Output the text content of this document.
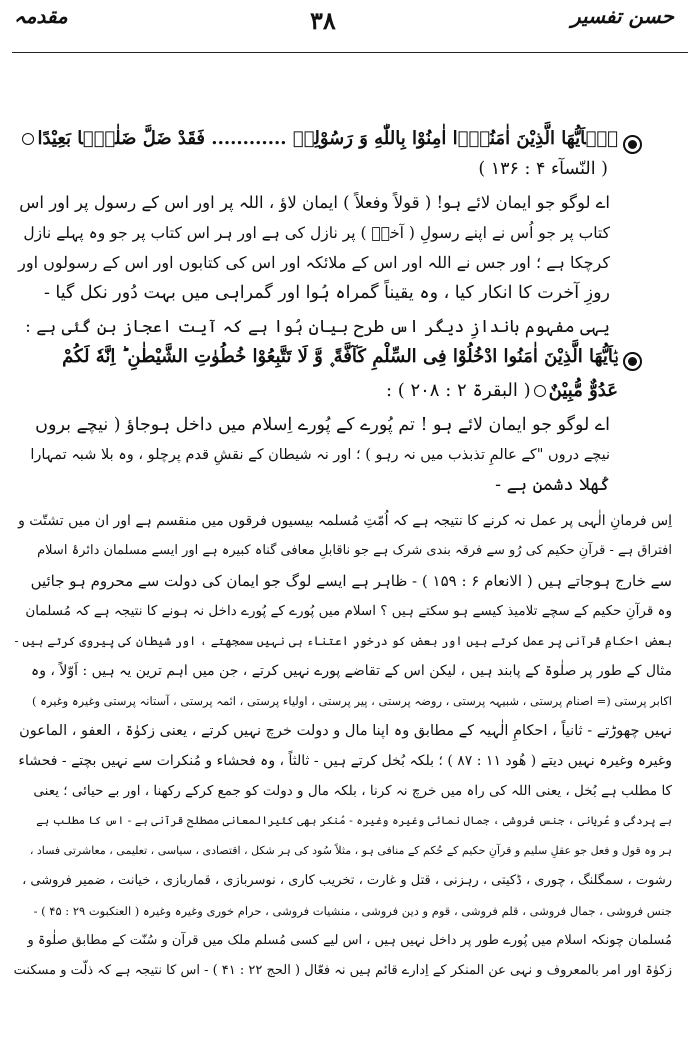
حسن تفسیر
۳۸
مقدمہ
یٰۤاَیُّهَا الَّذِیْنَ اٰمَنُوْۤا اٰمِنُوْا بِاللّٰهِ وَ رَسُوْلِهٖ ............ فَقَدْ ضَلَّ ضَلٰلًۢا بَعِیْدًا
( النّسآء ۴ : ۱۳۶ )
اے لوگو جو ایمان لائے ہو! ( قولاً وفعلاً ) ایمان لاؤ ، اللہ پر اور اس کے رسول پر اور اس
کتاب پر جو اُس نے اپنے رسولِ ( آخرؐ ) پر نازل کی ہے اور ہر اس کتاب پر جو وہ پہلے نازل
کرچکا ہے ؛ اور جس نے اللہ اور اس کے ملائکہ اور اس کی کتابوں اور اس کے رسولوں اور
روزِ آخرت کا انکار کیا ، وہ یقیناً گمراہ ہُوا اور گمراہی میں بہت دُور نکل گیا -
یہی مفہوم باندازِ دیگر اس طرح بیان ہُوا ہے کہ آیت اعجاز بن گئی ہے :
یٰۤاَیُّهَا الَّذِیْنَ اٰمَنُوا ادْخُلُوْا فِی السِّلْمِ كَآفَّةً ۪ وَّ لَا تَتَّبِعُوْا خُطُوٰتِ الشَّیْطٰنِ ؕ اِنَّهٗ لَكُمْ
عَدُوٌّ مُّبِیْنٌ( البقرۃ ۲ : ۲۰۸ ) :
اے لوگو جو ایمان لائے ہو ! تم پُورے کے پُورے اِسلام میں داخل ہوجاؤ ( نیچے بروں
نیچے دروں "کے عالمِ تذبذب میں نہ رہو ) ؛ اور نہ شیطان کے نقشِ قدم پرچلو ، وہ بلا شبہ تمہارا
کُھلا دشمن ہے -
اِس فرمانِ الٰہی پر عمل نہ کرنے کا نتیجہ ہے کہ اُمّتِ مُسلمہ بیسیوں فرقوں میں منقسم ہے اور ان میں تشتّت و
افتراق ہے - قرآنِ حکیم کی رُو سے فرقہ بندی شرک ہے جو ناقابلِ معافی گناہ کبیرہ ہے اور ایسے مسلمان دائرۂ اسلام
سے خارج ہوجاتے ہیں ( الانعام ۶ : ۱۵۹ ) - ظاہر ہے ایسے لوگ جو ایمان کی دولت سے محروم ہو جائیں
وہ قرآنِ حکیم کے سچے تلامیذ کیسے ہو سکتے ہیں ؟ اسلام میں پُورے کے پُورے داخل نہ ہونے کا نتیجہ ہے کہ مُسلمان
بعض احکامِ قرآنی پر عمل کرتے ہیں اور بعض کو درخورِ اعتناء ہی نہیں سمجھتے ، اور شیطان کی پیروی کرتے ہیں -
مثال کے طور پر صلٰوۃ کے پابند ہیں ، لیکن اس کے تقاضے پورے نہیں کرتے ، جن میں اہم ترین یہ ہیں : اَوّلاً ، وہ
اکابر پرستی (= اصنام پرستی ، شبیہہ پرستی ، روضہ پرستی ، پیر پرستی ، اولیاء پرستی ، ائمہ پرستی ، آستانہ پرستی وغیرہ وغیرہ )
نہیں چھوڑتے - ثانیاً ، احکامِ الٰہیہ کے مطابق وہ اپنا مال و دولت خرچ نہیں کرتے ، یعنی زکوٰۃ ، العفو ، الماعون
وغیرہ وغیرہ نہیں دیتے ( ھُود ۱۱ : ۸۷ ) ؛ بلکہ بُخل کرتے ہیں - ثالثاً ، وہ فحشاء و مُنکرات سے نہیں بچتے - فحشاء
کا مطلب ہے بُخل ، یعنی اللہ کی راہ میں خرچ نہ کرنا ، بلکہ مال و دولت کو جمع کرکے رکھنا ، اور بے حیائی ؛ یعنی
بے پردگی و عُریانی ، جنس فروشی ، جمال نمائی وغیرہ وغیرہ - مُنکر بھی کثیرالمعانی مصطلح قرآنی ہے - اس کا مطلب ہے
ہر وہ قول و فعل جو عقلِ سلیم و قرآنِ حکیم کے حُکم کے منافی ہو ، مثلاً سُود کی ہر شکل ، اقتصادی ، سیاسی ، تعلیمی ، معاشرتی فساد ،
رشوت ، سمگلنگ ، چوری ، ڈکیتی ، رہزنی ، قتل و غارت ، تخریب کاری ، نوسربازی ، قماربازی ، خیانت ، ضمیر فروشی ،
جنس فروشی ، جمال فروشی ، قلم فروشی ، قوم و دین فروشی ، منشیات فروشی ، حرام خوری وغیرہ وغیرہ ( العنکبوت ۲۹ : ۴۵ ) -
مُسلمان چونکہ اسلام میں پُورے طور پر داخل نہیں ہیں ، اس لیے کسی مُسلم ملک میں قرآن و سُنّت کے مطابق صلٰوۃ و
زکوٰۃ اور امر بالمعروف و نہی عن المنکر کے اِدارے قائم ہیں نہ فعّال ( الحج ۲۲ : ۴۱ ) - اس کا نتیجہ ہے کہ ذلّت و مسکنت
